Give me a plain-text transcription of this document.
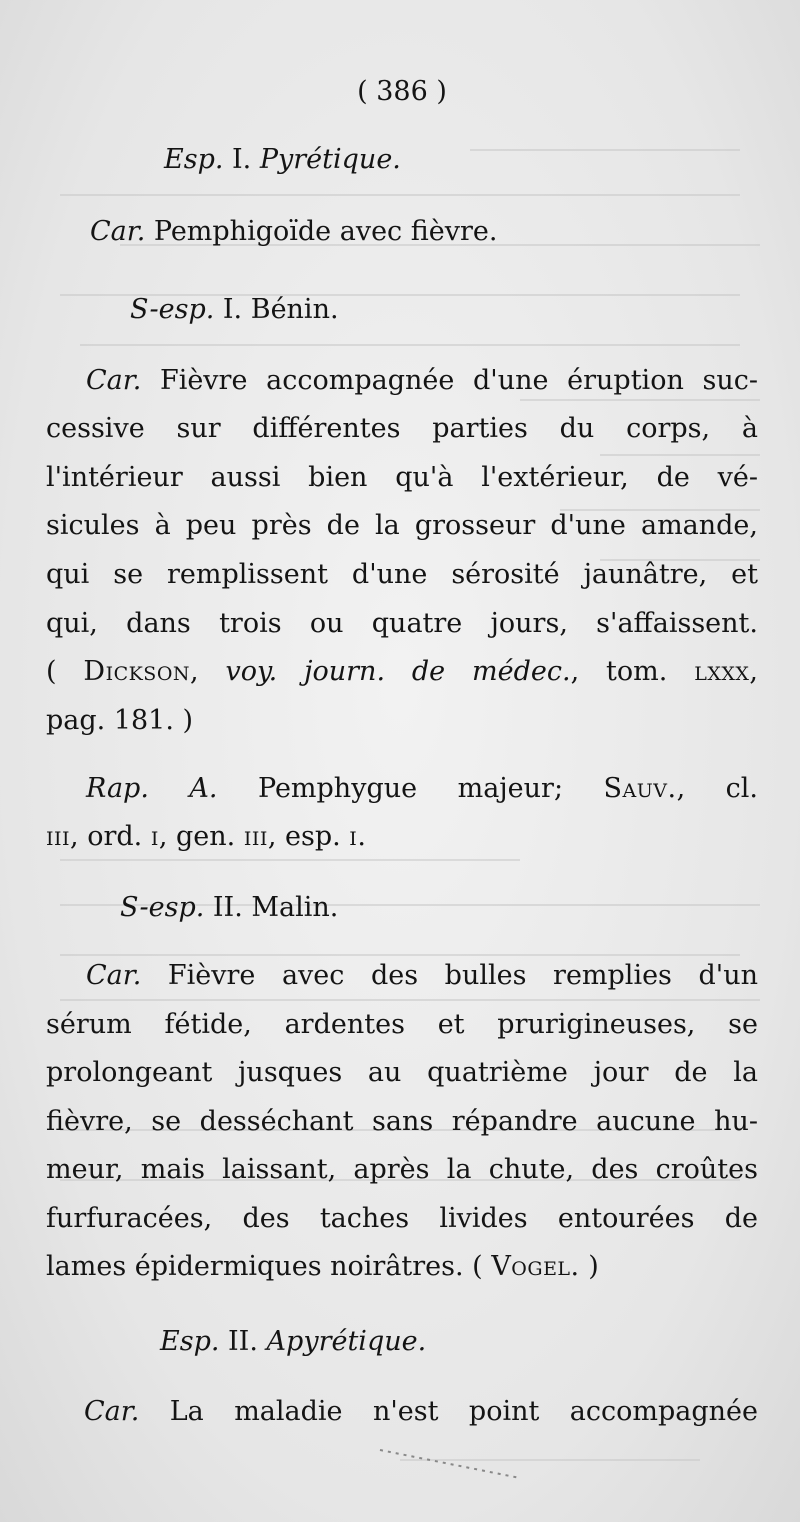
( 386 )
Esp. I. Pyrétique.
Car. Pemphigoïde avec fièvre.
S-esp. I. Bénin.
Car. Fièvre accompagnée d'une éruption suc-
cessive sur différentes parties du corps, à
l'intérieur aussi bien qu'à l'extérieur, de vé-
sicules à peu près de la grosseur d'une amande,
qui se remplissent d'une sérosité jaunâtre, et
qui, dans trois ou quatre jours, s'affaissent.
( Dickson, voy. journ. de médec., tom. lxxx,
pag. 181. )
Rap. A. Pemphygue majeur; Sauv., cl.
iii, ord. i, gen. iii, esp. i.
S-esp. II. Malin.
Car. Fièvre avec des bulles remplies d'un
sérum fétide, ardentes et prurigineuses, se
prolongeant jusques au quatrième jour de la
fièvre, se desséchant sans répandre aucune hu-
meur, mais laissant, après la chute, des croûtes
furfuracées, des taches livides entourées de
lames épidermiques noirâtres. ( Vogel. )
Esp. II. Apyrétique.
Car. La maladie n'est point accompagnée
